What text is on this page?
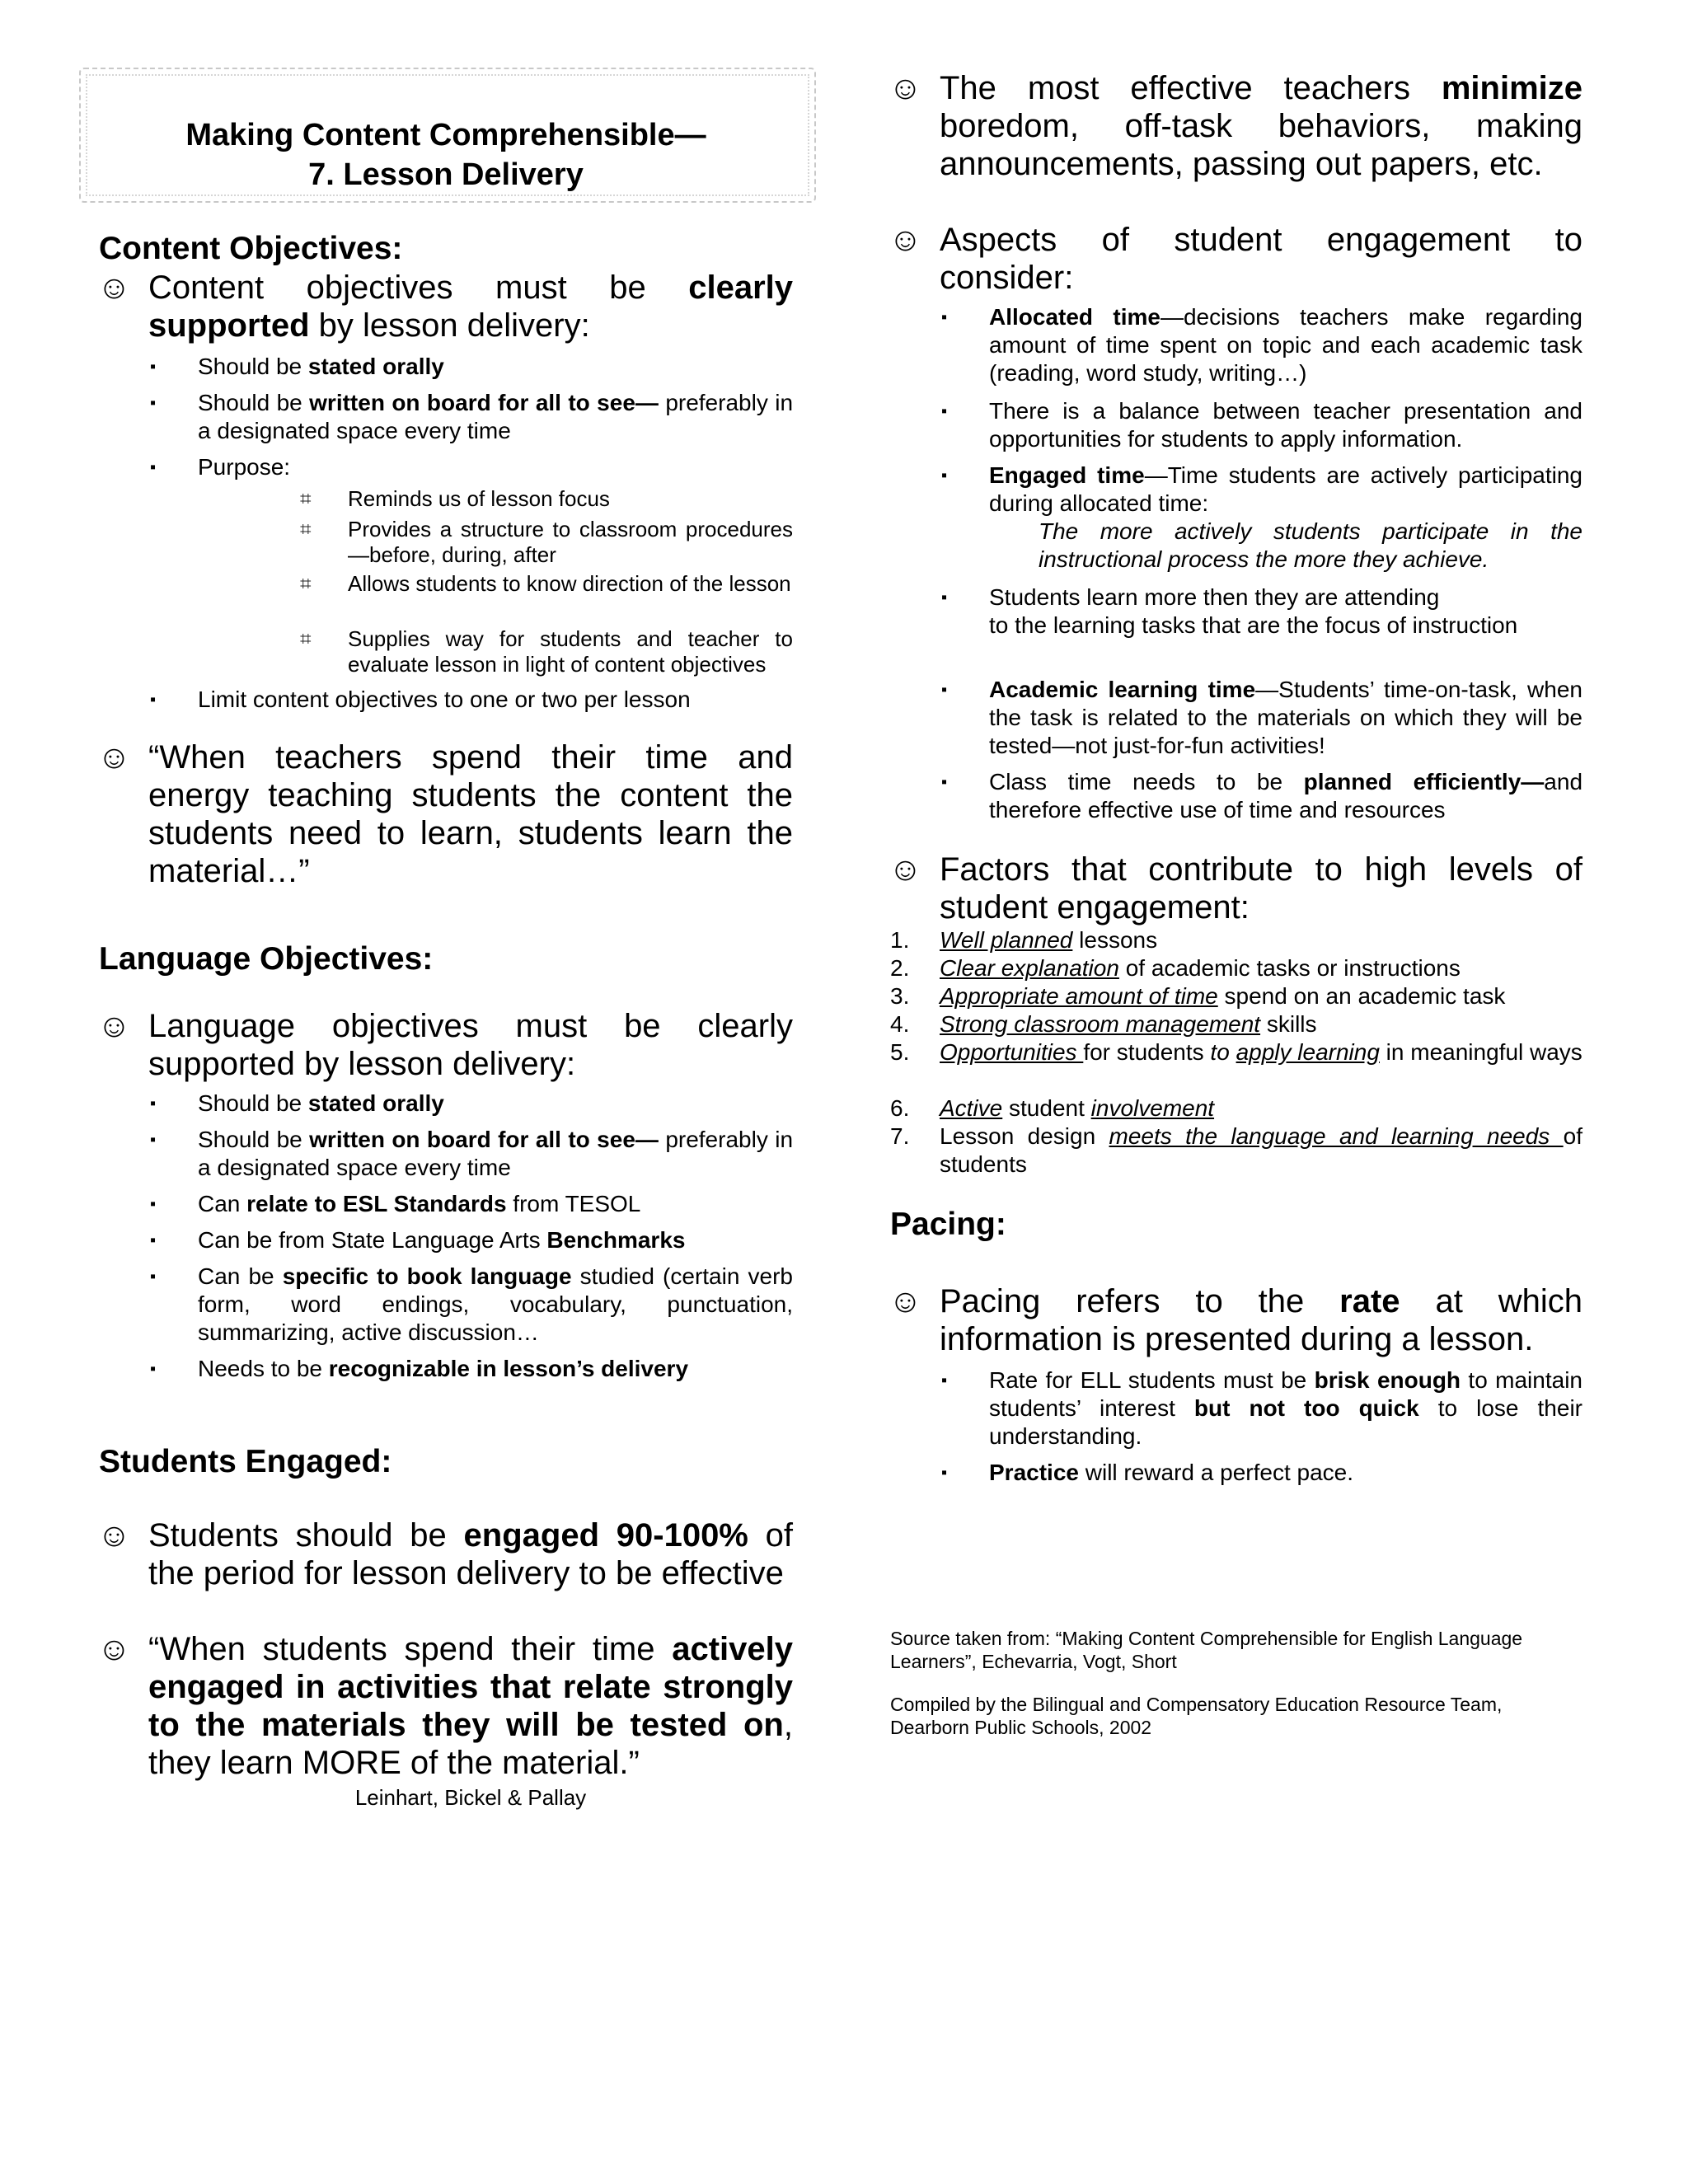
Making Content Comprehensible—
7. Lesson Delivery
Content Objectives:
☺ Content objectives must be clearly supported by lesson delivery:
▪ Should be stated orally
▪ Should be written on board for all to see— preferably in a designated space every time
▪ Purpose:
⌗ Reminds us of lesson focus
⌗ Provides a structure to classroom procedures—before, during, after
⌗ Allows students to know direction of the lesson
⌗ Supplies way for students and teacher to evaluate lesson in light of content objectives
▪ Limit content objectives to one or two per lesson
☺ “When teachers spend their time and energy teaching students the content the students need to learn, students learn the material…”
Language Objectives:
☺ Language objectives must be clearly supported by lesson delivery:
▪ Should be stated orally
▪ Should be written on board for all to see— preferably in a designated space every time
▪ Can relate to ESL Standards from TESOL
▪ Can be from State Language Arts Benchmarks
▪ Can be specific to book language studied (certain verb form, word endings, vocabulary, punctuation, summarizing, active discussion…
▪ Needs to be recognizable in lesson’s delivery
Students Engaged:
☺ Students should be engaged 90-100% of the period for lesson delivery to be effective
☺ “When students spend their time actively engaged in activities that relate strongly to the materials they will be tested on, they learn MORE of the material.”
Leinhart, Bickel & Pallay
☺ The most effective teachers minimize boredom, off-task behaviors, making announcements, passing out papers, etc.
☺ Aspects of student engagement to consider:
▪ Allocated time—decisions teachers make regarding amount of time spent on topic and each academic task (reading, word study, writing…)
▪ There is a balance between teacher presentation and opportunities for students to apply information.
▪ Engaged time—Time students are actively participating during allocated time:
The more actively students participate in the instructional process the more they achieve.
▪ Students learn more then they are attending
to the learning tasks that are the focus of instruction
▪ Academic learning time—Students’ time-on-task, when the task is related to the materials on which they will be tested—not just-for-fun activities!
▪ Class time needs to be planned efficiently—and therefore effective use of time and resources
☺ Factors that contribute to high levels of student engagement:
1. Well planned lessons
2. Clear explanation of academic tasks or instructions
3. Appropriate amount of time spend on an academic task
4. Strong classroom management skills
5. Opportunities for students to apply learning in meaningful ways
6. Active student involvement
7. Lesson design meets the language and learning needs of students
Pacing:
☺ Pacing refers to the rate at which information is presented during a lesson.
▪ Rate for ELL students must be brisk enough to maintain students’ interest but not too quick to lose their understanding.
▪ Practice will reward a perfect pace.
Source taken from: “Making Content Comprehensible for English Language Learners”, Echevarria, Vogt, Short
Compiled by the Bilingual and Compensatory Education Resource Team, Dearborn Public Schools, 2002
